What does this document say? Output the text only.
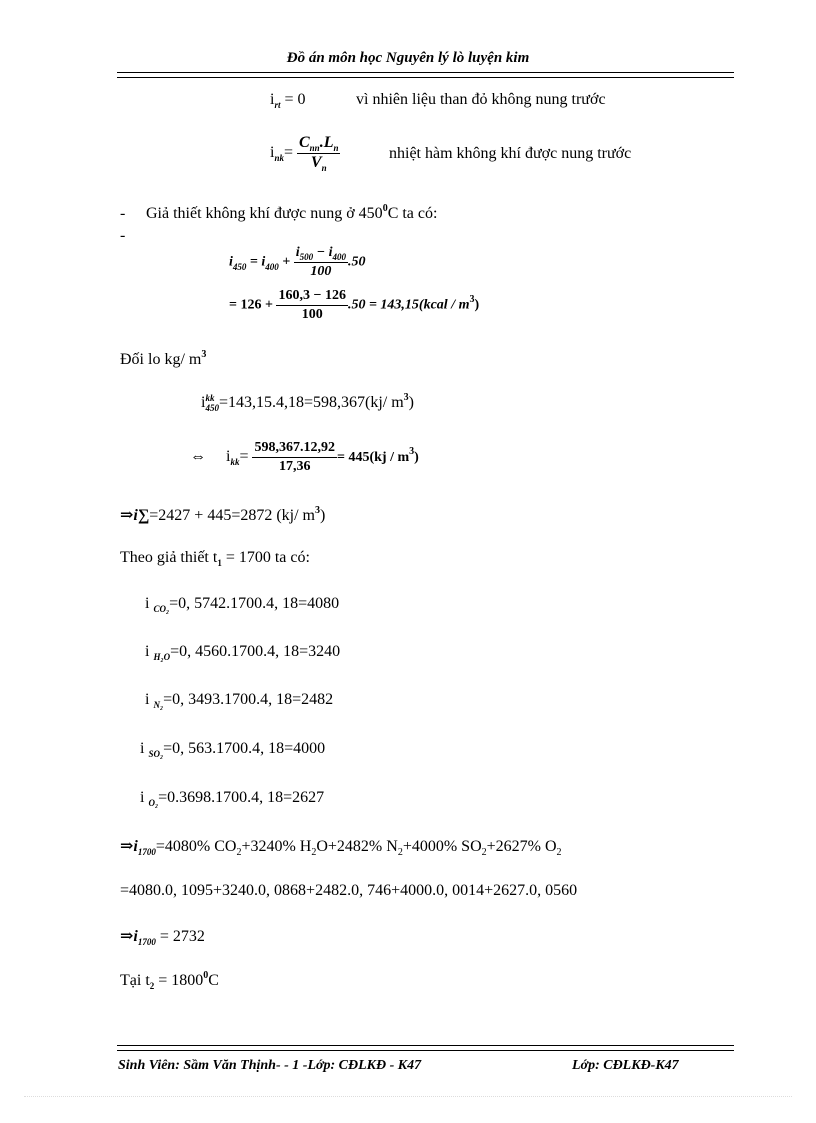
Đồ án môn học Nguyên lý lò luyện kim
$i_{rt} = 0$	vì nhiên liệu than đỏ không nung trước
$i_{nk}= \frac{C_{nn}.L_n}{V_n}$	nhiệt hàm không khí được nung trước
- Giả thiết không khí được nung ở $450^0C$ ta có:
-
$i_{450} = i_{400} + \frac{i_{500} - i_{400}}{100} .50$
= $126 + \frac{160,3 - 126}{100} .50$ = 143,15(kcal / $m^3$)
Đối lo kg/ $m^3$
i kk
450 =143,15.4,18=598,367(kj/ $m^3$)
⇔ $i_{kk}= \frac{598,367.12,92}{17,36} = 445(kj / m^3)$
⇒i∑=2427 + 445=2872 (kj/ $m^3$)
Theo giả thiết $t_1 = 1700$ ta có:
i $_{CO_2}$=0, 5742.1700.4, 18=4080
i $_{H_2O}$=0, 4560.1700.4, 18=3240
i $_{N_2}$=0, 3493.1700.4, 18=2482
i $_{SO_2}$=0, 563.1700.4, 18=4000
i $_{O_2}$=0.3698.1700.4, 18=2627
$\Rightarrow i_{1700}=4080\%$ $CO_2+3240\%$ $H_2O+2482\%$ $N_2+4000\%$ $SO_2+2627\%$ $O_2$
=4080.0, 1095+3240.0, 0868+2482.0, 746+4000.0, 0014+2627.0, 0560
$\Rightarrow i_{1700} = 2732$
Tại $t_2 = 1800^0C$
Sinh Viên: Sầm Văn Thịnh- - 1 -Lớp: CĐLKĐ - K47	Lớp: CĐLKĐ-K47
